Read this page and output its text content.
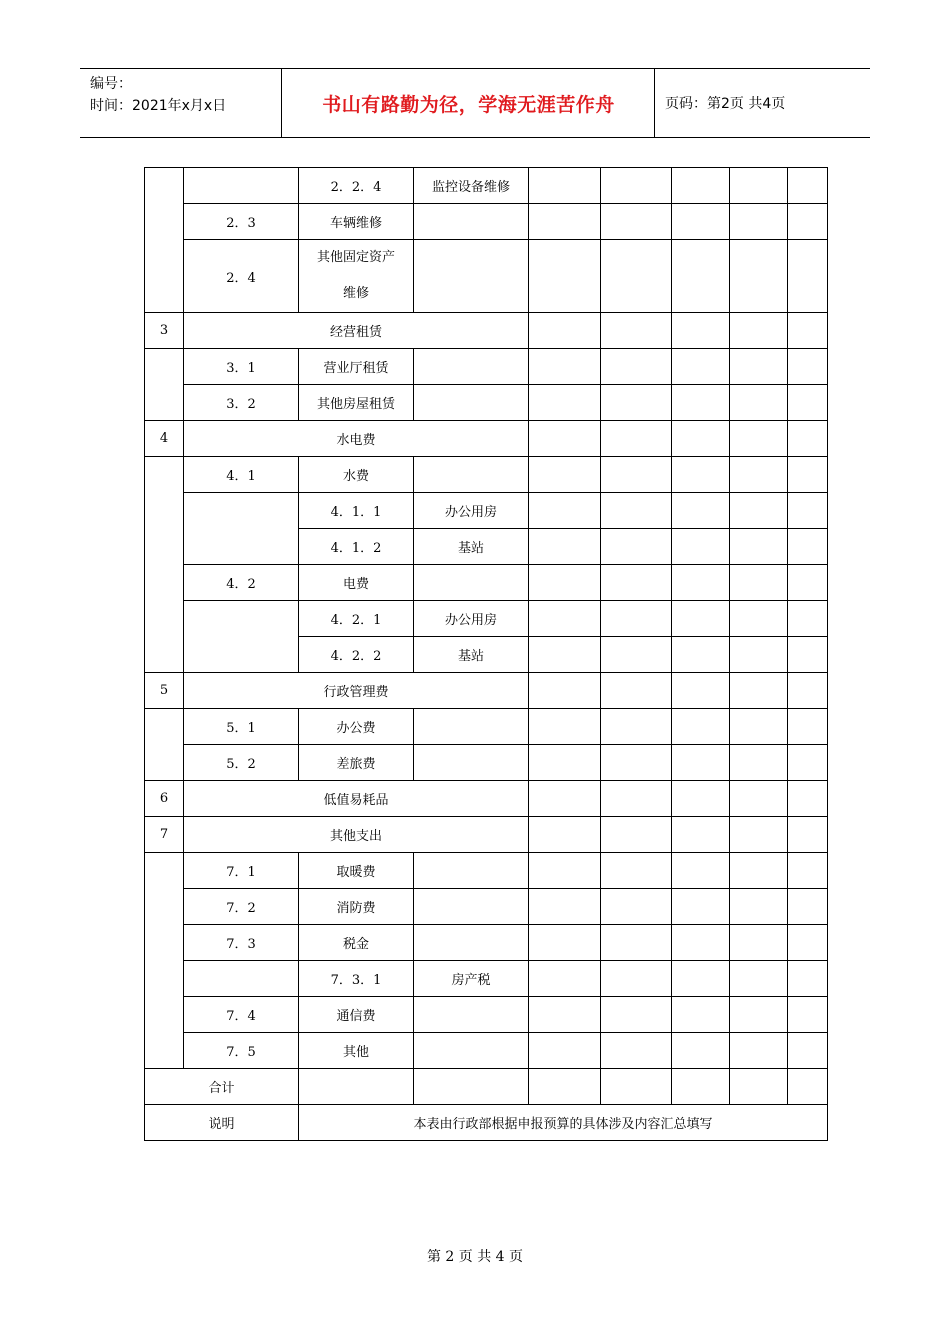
编号：
时间：2021年x月x日	书山有路勤为径，学海无涯苦作舟	页码：第2页 共4页
		2．2．4	监控设备维修					
	2．3	车辆维修						
	2．4	其他固定资产
维修						

3	经营租赁							
	3．1	营业厅租赁						
	3．2	其他房屋租赁						
4	水电费							
	4．1	水费						
		4．1．1	办公用房					
		4．1．2	基站					
	4．2	电费						
		4．2．1	办公用房					
		4．2．2	基站					
5	行政管理费							
	5．1	办公费						
	5．2	差旅费						
6	低值易耗品							
7	其他支出							
	7．1	取暖费						
	7．2	消防费						
	7．3	税金						
		7．3．1	房产税					
	7．4	通信费						
	7．5	其他						
合计								
说明		本表由行政部根据申报预算的具体涉及内容汇总填写						
第 2 页 共 4 页
